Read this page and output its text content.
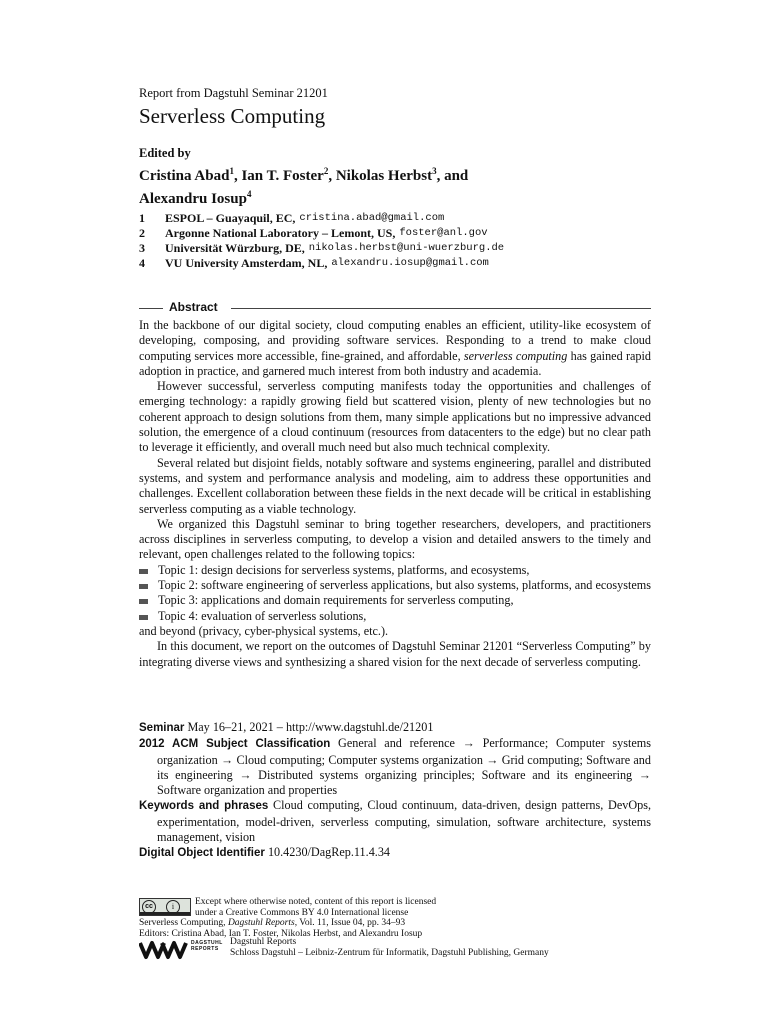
Report from Dagstuhl Seminar 21201
Serverless Computing
Edited by
Cristina Abad$^1$, Ian T. Foster$^2$, Nikolas Herbst$^3$, and
Alexandru Iosup$^4$
1	ESPOL – Guayaquil, EC, cristina.abad@gmail.com
2	Argonne National Laboratory – Lemont, US, foster@anl.gov
3	Universität Würzburg, DE, nikolas.herbst@uni-wuerzburg.de
4	VU University Amsterdam, NL, alexandru.iosup@gmail.com
Abstract

In the backbone of our digital society, cloud computing enables an efficient, utility-like ecosystem of developing, composing, and providing software services. Responding to a trend to make cloud computing services more accessible, fine-grained, and affordable, serverless computing has gained rapid adoption in practice, and garnered much interest from both industry and academia.

However successful, serverless computing manifests today the opportunities and challenges of emerging technology: a rapidly growing field but scattered vision, plenty of new technologies but no coherent approach to design solutions from them, many simple applications but no impressive advanced solution, the emergence of a cloud continuum (resources from datacenters to the edge) but no clear path to leverage it efficiently, and overall much need but also much technical complexity.

Several related but disjoint fields, notably software and systems engineering, parallel and distributed systems, and system and performance analysis and modeling, aim to address these opportunities and challenges. Excellent collaboration between these fields in the next decade will be critical in establishing serverless computing as a viable technology.

We organized this Dagstuhl seminar to bring together researchers, developers, and practitioners across disciplines in serverless computing, to develop a vision and detailed answers to the timely and relevant, open challenges related to the following topics:

Topic 1: design decisions for serverless systems, platforms, and ecosystems,
Topic 2: software engineering of serverless applications, but also systems, platforms, and ecosystems
Topic 3: applications and domain requirements for serverless computing,
Topic 4: evaluation of serverless solutions,

and beyond (privacy, cyber-physical systems, etc.).

In this document, we report on the outcomes of Dagstuhl Seminar 21201 “Serverless Computing” by integrating diverse views and synthesizing a shared vision for the next decade of serverless computing.

Seminar May 16–21, 2021 – http://www.dagstuhl.de/21201
2012 ACM Subject Classification General and reference → Performance; Computer systems organization → Cloud computing; Computer systems organization → Grid computing; Software and its engineering → Distributed systems organizing principles; Software and its engineering → Software organization and properties
Keywords and phrases Cloud computing, Cloud continuum, data-driven, design patterns, DevOps, experimentation, model-driven, serverless computing, simulation, software architecture, systems management, vision
Digital Object Identifier 10.4230/DagRep.11.4.34
cc	i	Except where otherwise noted, content of this report is licensed
under a Creative Commons BY 4.0 International license
Serverless Computing, Dagstuhl Reports, Vol. 11, Issue 04, pp. 34–93
Editors: Cristina Abad, Ian T. Foster, Nikolas Herbst, and Alexandru Iosup
DAGSTUHL
REPORTS
Dagstuhl Reports
Schloss Dagstuhl – Leibniz-Zentrum für Informatik, Dagstuhl Publishing, Germany
